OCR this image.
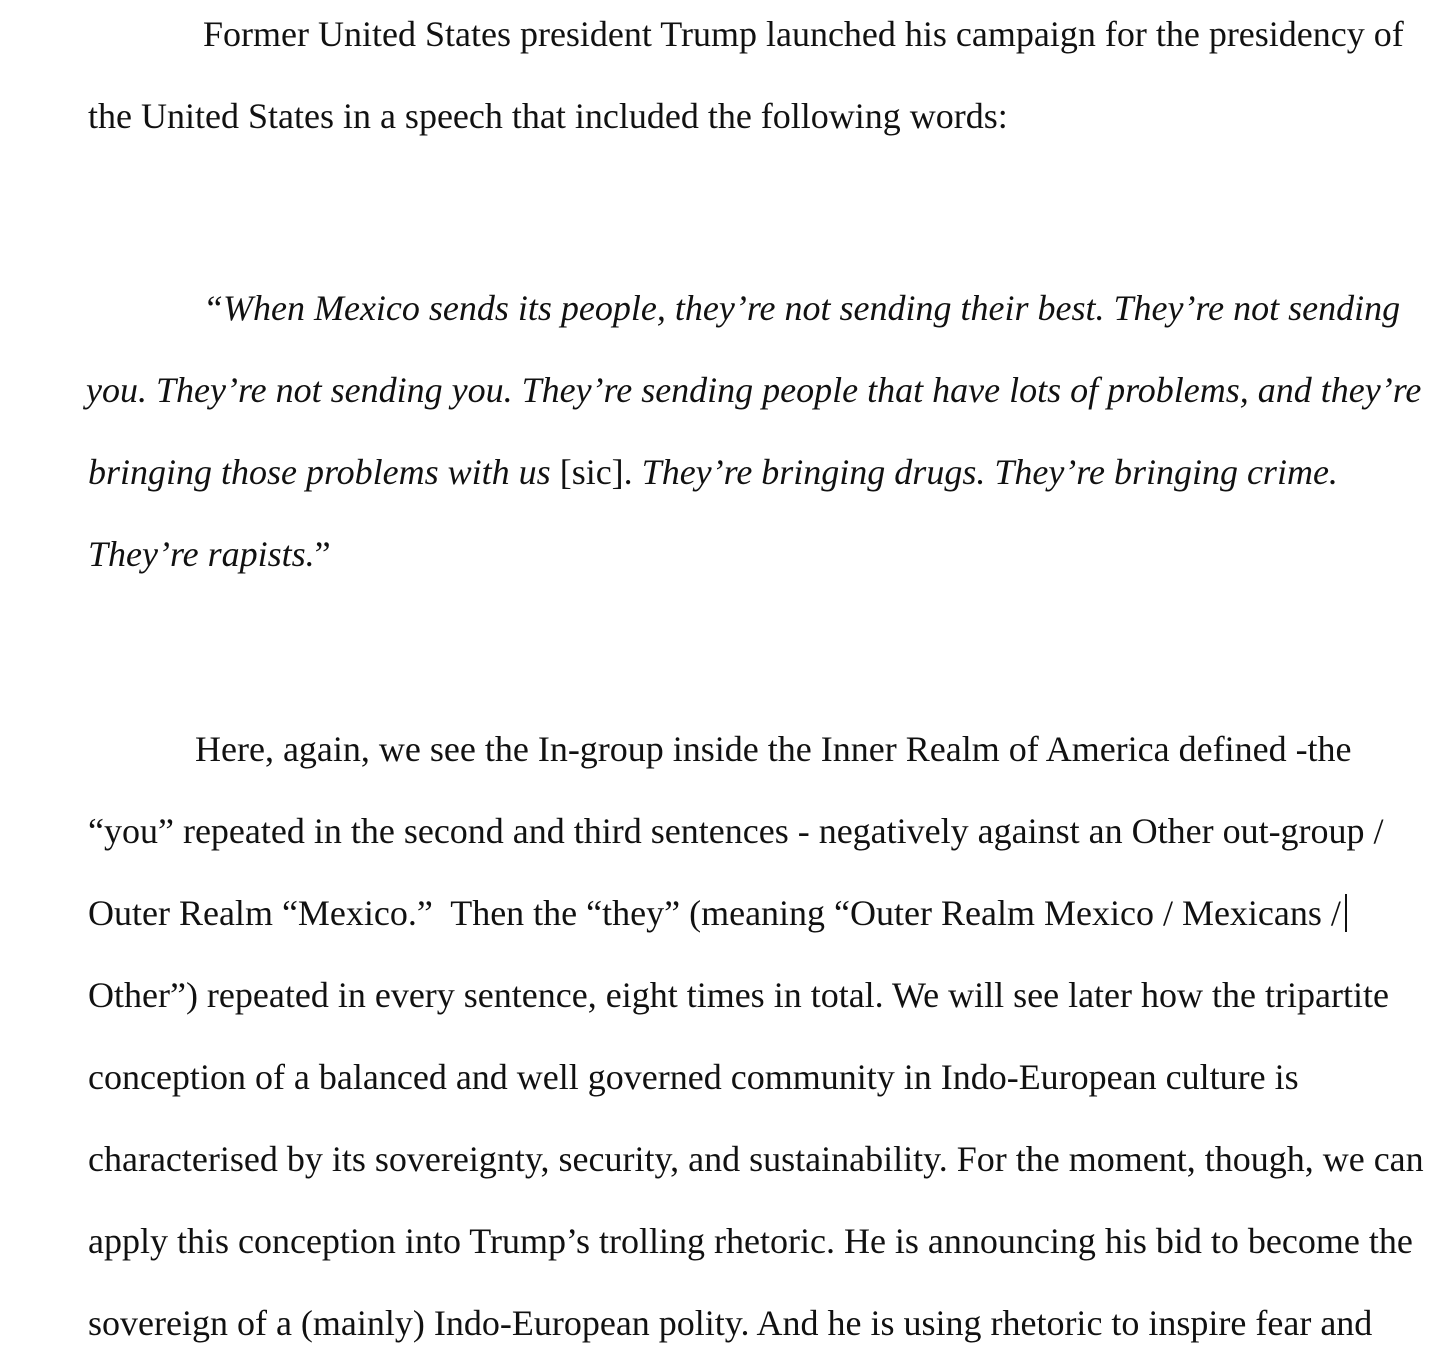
Former United States president Trump launched his campaign for the presidency of
the United States in a speech that included the following words:
“When Mexico sends its people, they’re not sending their best. They’re not sending
you. They’re not sending you. They’re sending people that have lots of problems, and they’re
bringing those problems with us [sic]. They’re bringing drugs. They’re bringing crime.
They’re rapists.”
Here, again, we see the In-group inside the Inner Realm of America defined -the
“you” repeated in the second and third sentences - negatively against an Other out-group /
Outer Realm “Mexico.”  Then the “they” (meaning “Outer Realm Mexico / Mexicans /
Other”) repeated in every sentence, eight times in total. We will see later how the tripartite
conception of a balanced and well governed community in Indo-European culture is
characterised by its sovereignty, security, and sustainability. For the moment, though, we can
apply this conception into Trump’s trolling rhetoric. He is announcing his bid to become the
sovereign of a (mainly) Indo-European polity. And he is using rhetoric to inspire fear and
